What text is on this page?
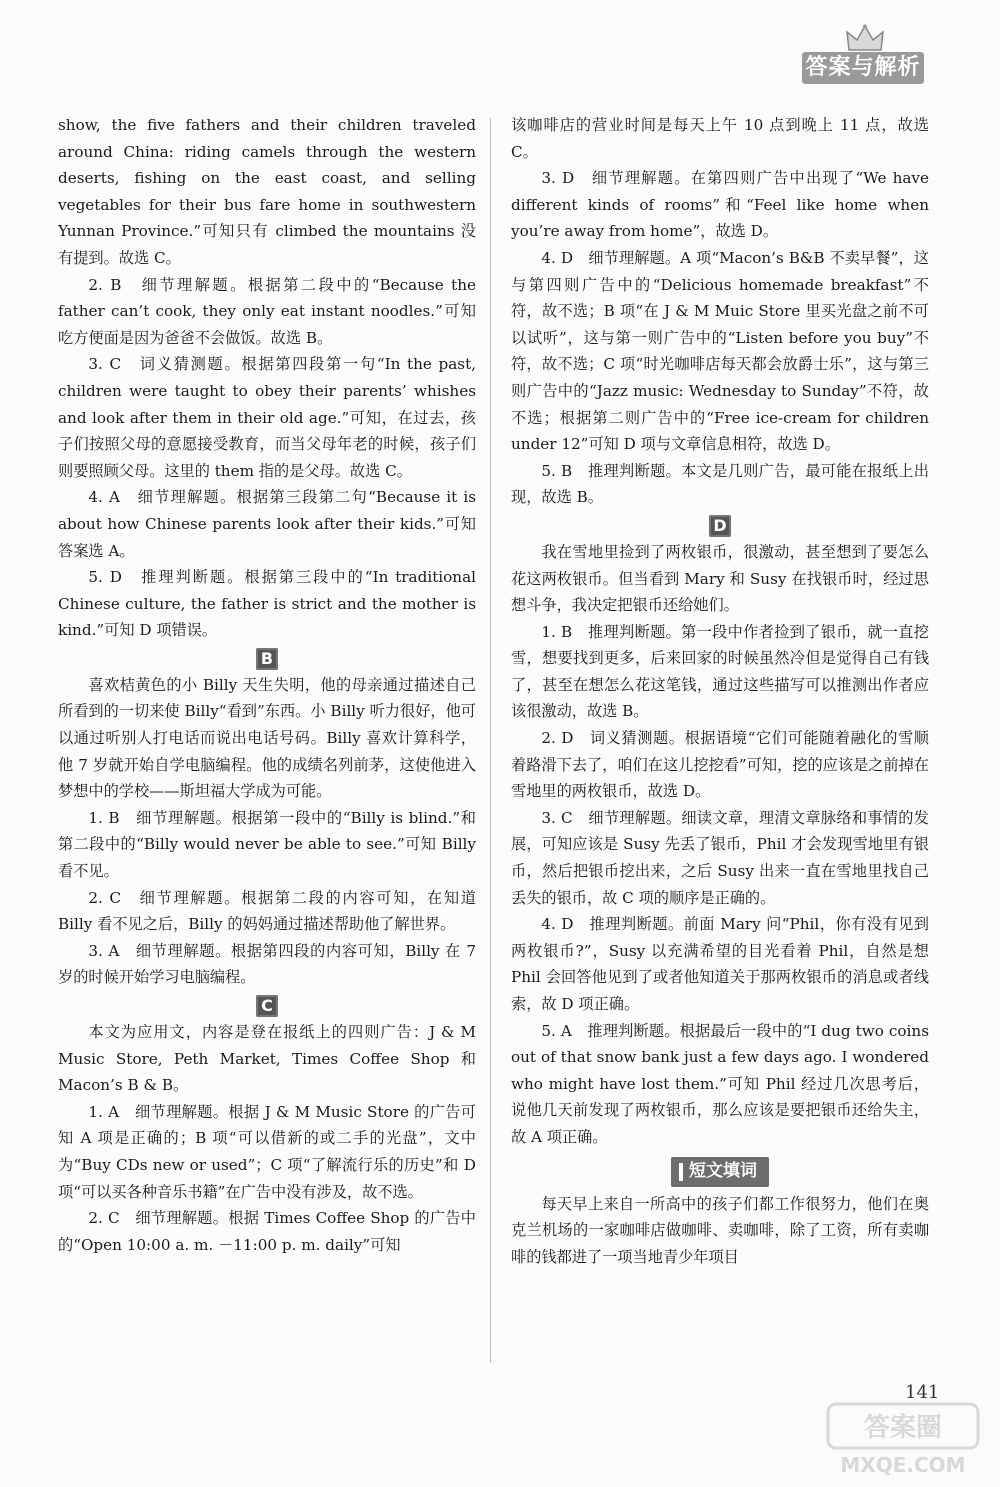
答案与解析

show, the five fathers and their children traveled around China: riding camels through the western deserts, fishing on the east coast, and selling vegetables for their bus fare home in southwestern Yunnan Province.”可知只有 climbed the mountains 没有提到。故选 C。

2. B　细节理解题。根据第二段中的“Because the father can’t cook, they only eat instant noodles.”可知吃方便面是因为爸爸不会做饭。故选 B。

3. C　词义猜测题。根据第四段第一句“In the past, children were taught to obey their parents’ whishes and look after them in their old age.”可知，在过去，孩子们按照父母的意愿接受教育，而当父母年老的时候，孩子们则要照顾父母。这里的 them 指的是父母。故选 C。

4. A　细节理解题。根据第三段第二句“Because it is about how Chinese parents look after their kids.”可知答案选 A。

5. D　推理判断题。根据第三段中的“In traditional Chinese culture, the father is strict and the mother is kind.”可知 D 项错误。

B

喜欢桔黄色的小 Billy 天生失明，他的母亲通过描述自己所看到的一切来使 Billy“看到”东西。小 Billy 听力很好，他可以通过听别人打电话而说出电话号码。Billy 喜欢计算科学，他 7 岁就开始自学电脑编程。他的成绩名列前茅，这使他进入梦想中的学校——斯坦福大学成为可能。

1. B　细节理解题。根据第一段中的“Billy is blind.”和第二段中的“Billy would never be able to see.”可知 Billy 看不见。

2. C　细节理解题。根据第二段的内容可知，在知道 Billy 看不见之后，Billy 的妈妈通过描述帮助他了解世界。

3. A　细节理解题。根据第四段的内容可知，Billy 在 7 岁的时候开始学习电脑编程。

C

本文为应用文，内容是登在报纸上的四则广告：J & M Music Store, Peth Market, Times Coffee Shop 和 Macon’s B & B。

1. A　细节理解题。根据 J & M Music Store 的广告可知 A 项是正确的；B 项“可以借新的或二手的光盘”，文中为“Buy CDs new or used”；C 项“了解流行乐的历史”和 D 项“可以买各种音乐书籍”在广告中没有涉及，故不选。

2. C　细节理解题。根据 Times Coffee Shop 的广告中的“Open 10:00 a. m. －11:00 p. m. daily”可知

该咖啡店的营业时间是每天上午 10 点到晚上 11 点，故选 C。

3. D　细节理解题。在第四则广告中出现了“We have different kinds of rooms”和“Feel like home when you’re away from home”，故选 D。

4. D　细节理解题。A 项“Macon’s B&B 不卖早餐”，这与第四则广告中的“Delicious homemade breakfast”不符，故不选；B 项“在 J & M Muic Store 里买光盘之前不可以试听”，这与第一则广告中的“Listen before you buy”不符，故不选；C 项“时光咖啡店每天都会放爵士乐”，这与第三则广告中的“Jazz music: Wednesday to Sunday”不符，故不选；根据第二则广告中的“Free ice-cream for children under 12”可知 D 项与文章信息相符，故选 D。

5. B　推理判断题。本文是几则广告，最可能在报纸上出现，故选 B。

D

我在雪地里捡到了两枚银币，很激动，甚至想到了要怎么花这两枚银币。但当看到 Mary 和 Susy 在找银币时，经过思想斗争，我决定把银币还给她们。

1. B　推理判断题。第一段中作者捡到了银币，就一直挖雪，想要找到更多，后来回家的时候虽然冷但是觉得自己有钱了，甚至在想怎么花这笔钱，通过这些描写可以推测出作者应该很激动，故选 B。

2. D　词义猜测题。根据语境“它们可能随着融化的雪顺着路滑下去了，咱们在这儿挖挖看”可知，挖的应该是之前掉在雪地里的两枚银币，故选 D。

3. C　细节理解题。细读文章，理清文章脉络和事情的发展，可知应该是 Susy 先丢了银币，Phil 才会发现雪地里有银币，然后把银币挖出来，之后 Susy 出来一直在雪地里找自己丢失的银币，故 C 项的顺序是正确的。

4. D　推理判断题。前面 Mary 问“Phil，你有没有见到两枚银币?”，Susy 以充满希望的目光看着 Phil，自然是想 Phil 会回答他见到了或者他知道关于那两枚银币的消息或者线索，故 D 项正确。

5. A　推理判断题。根据最后一段中的“I dug two coins out of that snow bank just a few days ago. I wondered who might have lost them.”可知 Phil 经过几次思考后，说他几天前发现了两枚银币，那么应该是要把银币还给失主，故 A 项正确。

短文填词

每天早上来自一所高中的孩子们都工作很努力，他们在奥克兰机场的一家咖啡店做咖啡、卖咖啡，除了工资，所有卖咖啡的钱都进了一项当地青少年项目

141
答案圈
MXQE.COM
